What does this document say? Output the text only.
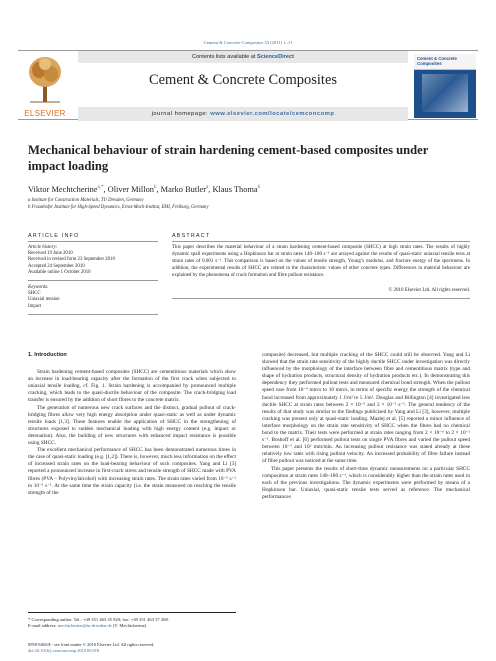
Cement & Concrete Composites 33 (2011) 1–11
ELSEVIER
Contents lists available at ScienceDirect
Cement & Concrete Composites
journal homepage: www.elsevier.com/locate/cemconcomp
Cement & Concrete Composites
Mechanical behaviour of strain hardening cement-based composites under impact loading
Viktor Mechtcherine$^{a,*}$, Oliver Millon$^b$, Marko Butler$^a$, Klaus Thoma$^b$
a Institute for Construction Materials, TU Dresden, Germany
b Fraunhofer Institute for High-Speed Dynamics, Ernst-Mach-Institut, EMI, Freiburg, Germany
ARTICLE INFO
Article history:
Received 19 June 2010
Received in revised form 23 September 2010
Accepted 24 September 2010
Available online 1 October 2010
Keywords:
SHCC
Uniaxial tension
Impact
ABSTRACT

This paper describes the material behaviour of a strain hardening cement-based composite (SHCC) at high strain rates. The results of highly dynamic spall experiments using a Hopkinson bar at strain rates 140–180 s⁻¹ are arrayed against the results of quasi-static uniaxial tensile tests at strain rates of 0.001 s⁻¹. This comparison is based on the values of tensile strength, Young’s modulus, and fracture energy of the specimens. In addition, the experimental results of SHCC are related to the characteristic values of other concrete types. Differences in material behaviour are explained by the phenomena of crack formation and fibre pullout resistance.

© 2010 Elsevier Ltd. All rights reserved.
1. Introduction

Strain hardening cement-based composites (SHCC) are cementitious materials which show an increase in load-bearing capacity after the formation of the first crack when subjected to uniaxial tensile loading, cf. Fig. 1. Strain hardening is accompanied by pronounced multiple cracking, which leads to the quasi-ductile behaviour of the composite. The crack-bridging load transfer is ensured by the addition of short fibres to the concrete matrix.

The generation of numerous new crack surfaces and the distinct, gradual pullout of crack-bridging fibres allow very high energy absorption under quasi-static as well as under dynamic tensile loads [1,3]. These features enable the application of SHCC in the strengthening of structures exposed to sudden mechanical loading with high energy content (e.g. impact or detonation). Also, the building of new structures with enhanced impact resistance is possible using SHCC.

The excellent mechanical performance of SHCC has been demonstrated numerous times in the case of quasi-static loading (e.g. [1,2]). There is, however, much less information on the effect of increased strain rates on the load-bearing behaviour of such composites. Yang and Li [3] reported a pronounced increase in first-crack stress and tensile strength of SHCC made with PVA fibres (PVA – Polyvinylalcohol) with increasing strain rates. The strain rates varied from 10⁻⁵ s⁻¹ to 10⁻¹ s⁻¹. At the same time the strain capacity (i.e. the strain measured on reaching the tensile strength of the

composite) decreased, but multiple cracking of the SHCC could still be observed. Yang and Li showed that the strain rate sensitivity of the highly ductile SHCC under investigation was directly influenced by the morphology of the interface between fibre and cementitious matrix (type and shape of hydration products, structural density of hydration products etc.). In demonstrating this dependency they performed pullout tests and measured chemical bond strength. When the pullout speed rose from 10⁻³ mm/s to 10 mm/s, in terms of specific energy the strength of the chemical bond increased from approximately 1 J/m² to 5 J/m². Douglas and Billington [4] investigated less ductile SHCC at strain rates between 2 × 10⁻⁵ and 2 × 10⁻¹ s⁻¹. The general tendency of the results of that study was similar to the findings publicised by Yang and Li [3], however, multiple cracking was present only at quasi-static loading. Maalej et al. [5] reported a minor influence of interface morphology on the strain rate sensitivity of SHCC when the fibres had no chemical bond to the matrix. Their tests were performed at strain rates ranging from 2 × 10⁻⁶ to 2 × 10⁻¹ s⁻¹. Boshoff et al. [6] performed pullout tests on single PVA fibres and varied the pullout speed between 10⁻² and 10² mm/min. An increasing pullout resistance was stated already at these relatively low rates with rising pullout velocity. An increased probability of fibre failure instead of fibre pullout was noticed at the same time.

This paper presents the results of short-time dynamic measurements on a particular SHCC composition at strain rates 140–180 s⁻¹, which is considerably higher than the strain rates used in each of the previous investigations. The dynamic experiments were performed by means of a Hopkinson bar. Uniaxial, quasi-static tensile tests served as reference. The mechanical performances

* Corresponding author. Tel.: +49 351 463 35 920; fax: +49 351 463 37 268.
E-mail address: mechtcherine@tu-dresden.de (V. Mechtcherine).
0958-9465/$ - see front matter © 2010 Elsevier Ltd. All rights reserved.
doi:10.1016/j.cemconcomp.2010.09.018
